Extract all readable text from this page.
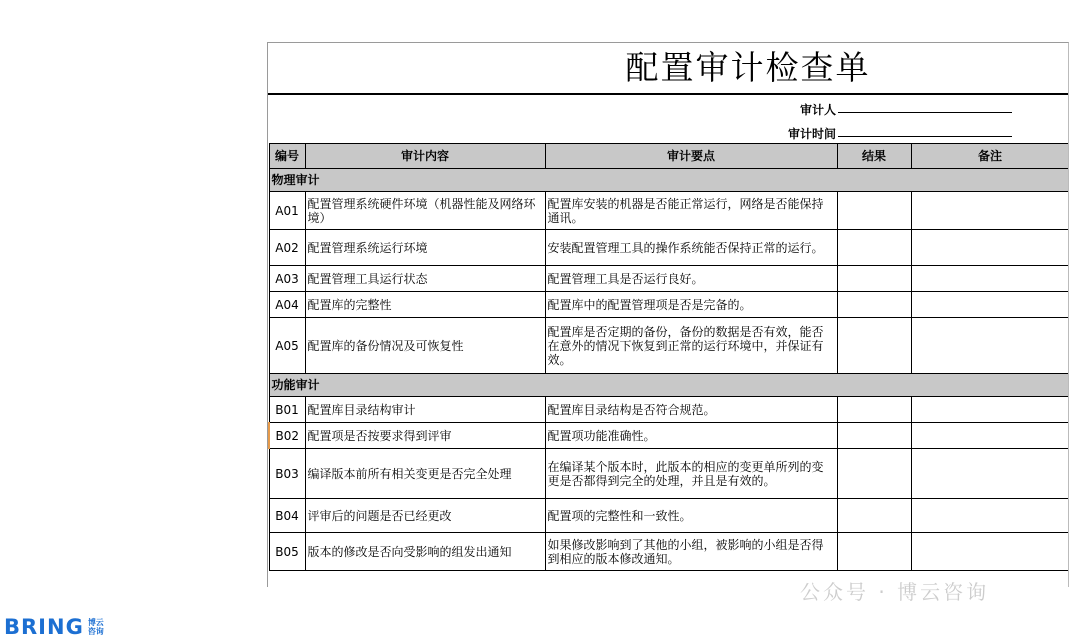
配置审计检查单
审计人
审计时间
编号	审计内容	审计要点	结果	备注
物理审计				
A01	配置管理系统硬件环境（机器性能及网络环境）	配置库安装的机器是否能正常运行，网络是否能保持通讯。		
A02	配置管理系统运行环境	安装配置管理工具的操作系统能否保持正常的运行。		
A03	配置管理工具运行状态	配置管理工具是否运行良好。		
A04	配置库的完整性	配置库中的配置管理项是否是完备的。		
A05	配置库的备份情况及可恢复性	配置库是否定期的备份，备份的数据是否有效，能否在意外的情况下恢复到正常的运行环境中，并保证有效。		
功能审计				
B01	配置库目录结构审计	配置库目录结构是否符合规范。		
B02	配置项是否按要求得到评审	配置项功能准确性。		
B03	编译版本前所有相关变更是否完全处理	在编译某个版本时，此版本的相应的变更单所列的变更是否都得到完全的处理，并且是有效的。		
B04	评审后的问题是否已经更改	配置项的完整性和一致性。		
B05	版本的修改是否向受影响的组发出通知	如果修改影响到了其他的小组，被影响的小组是否得到相应的版本修改通知。		
公众号 · 博云咨询
BRING 博云
咨询
